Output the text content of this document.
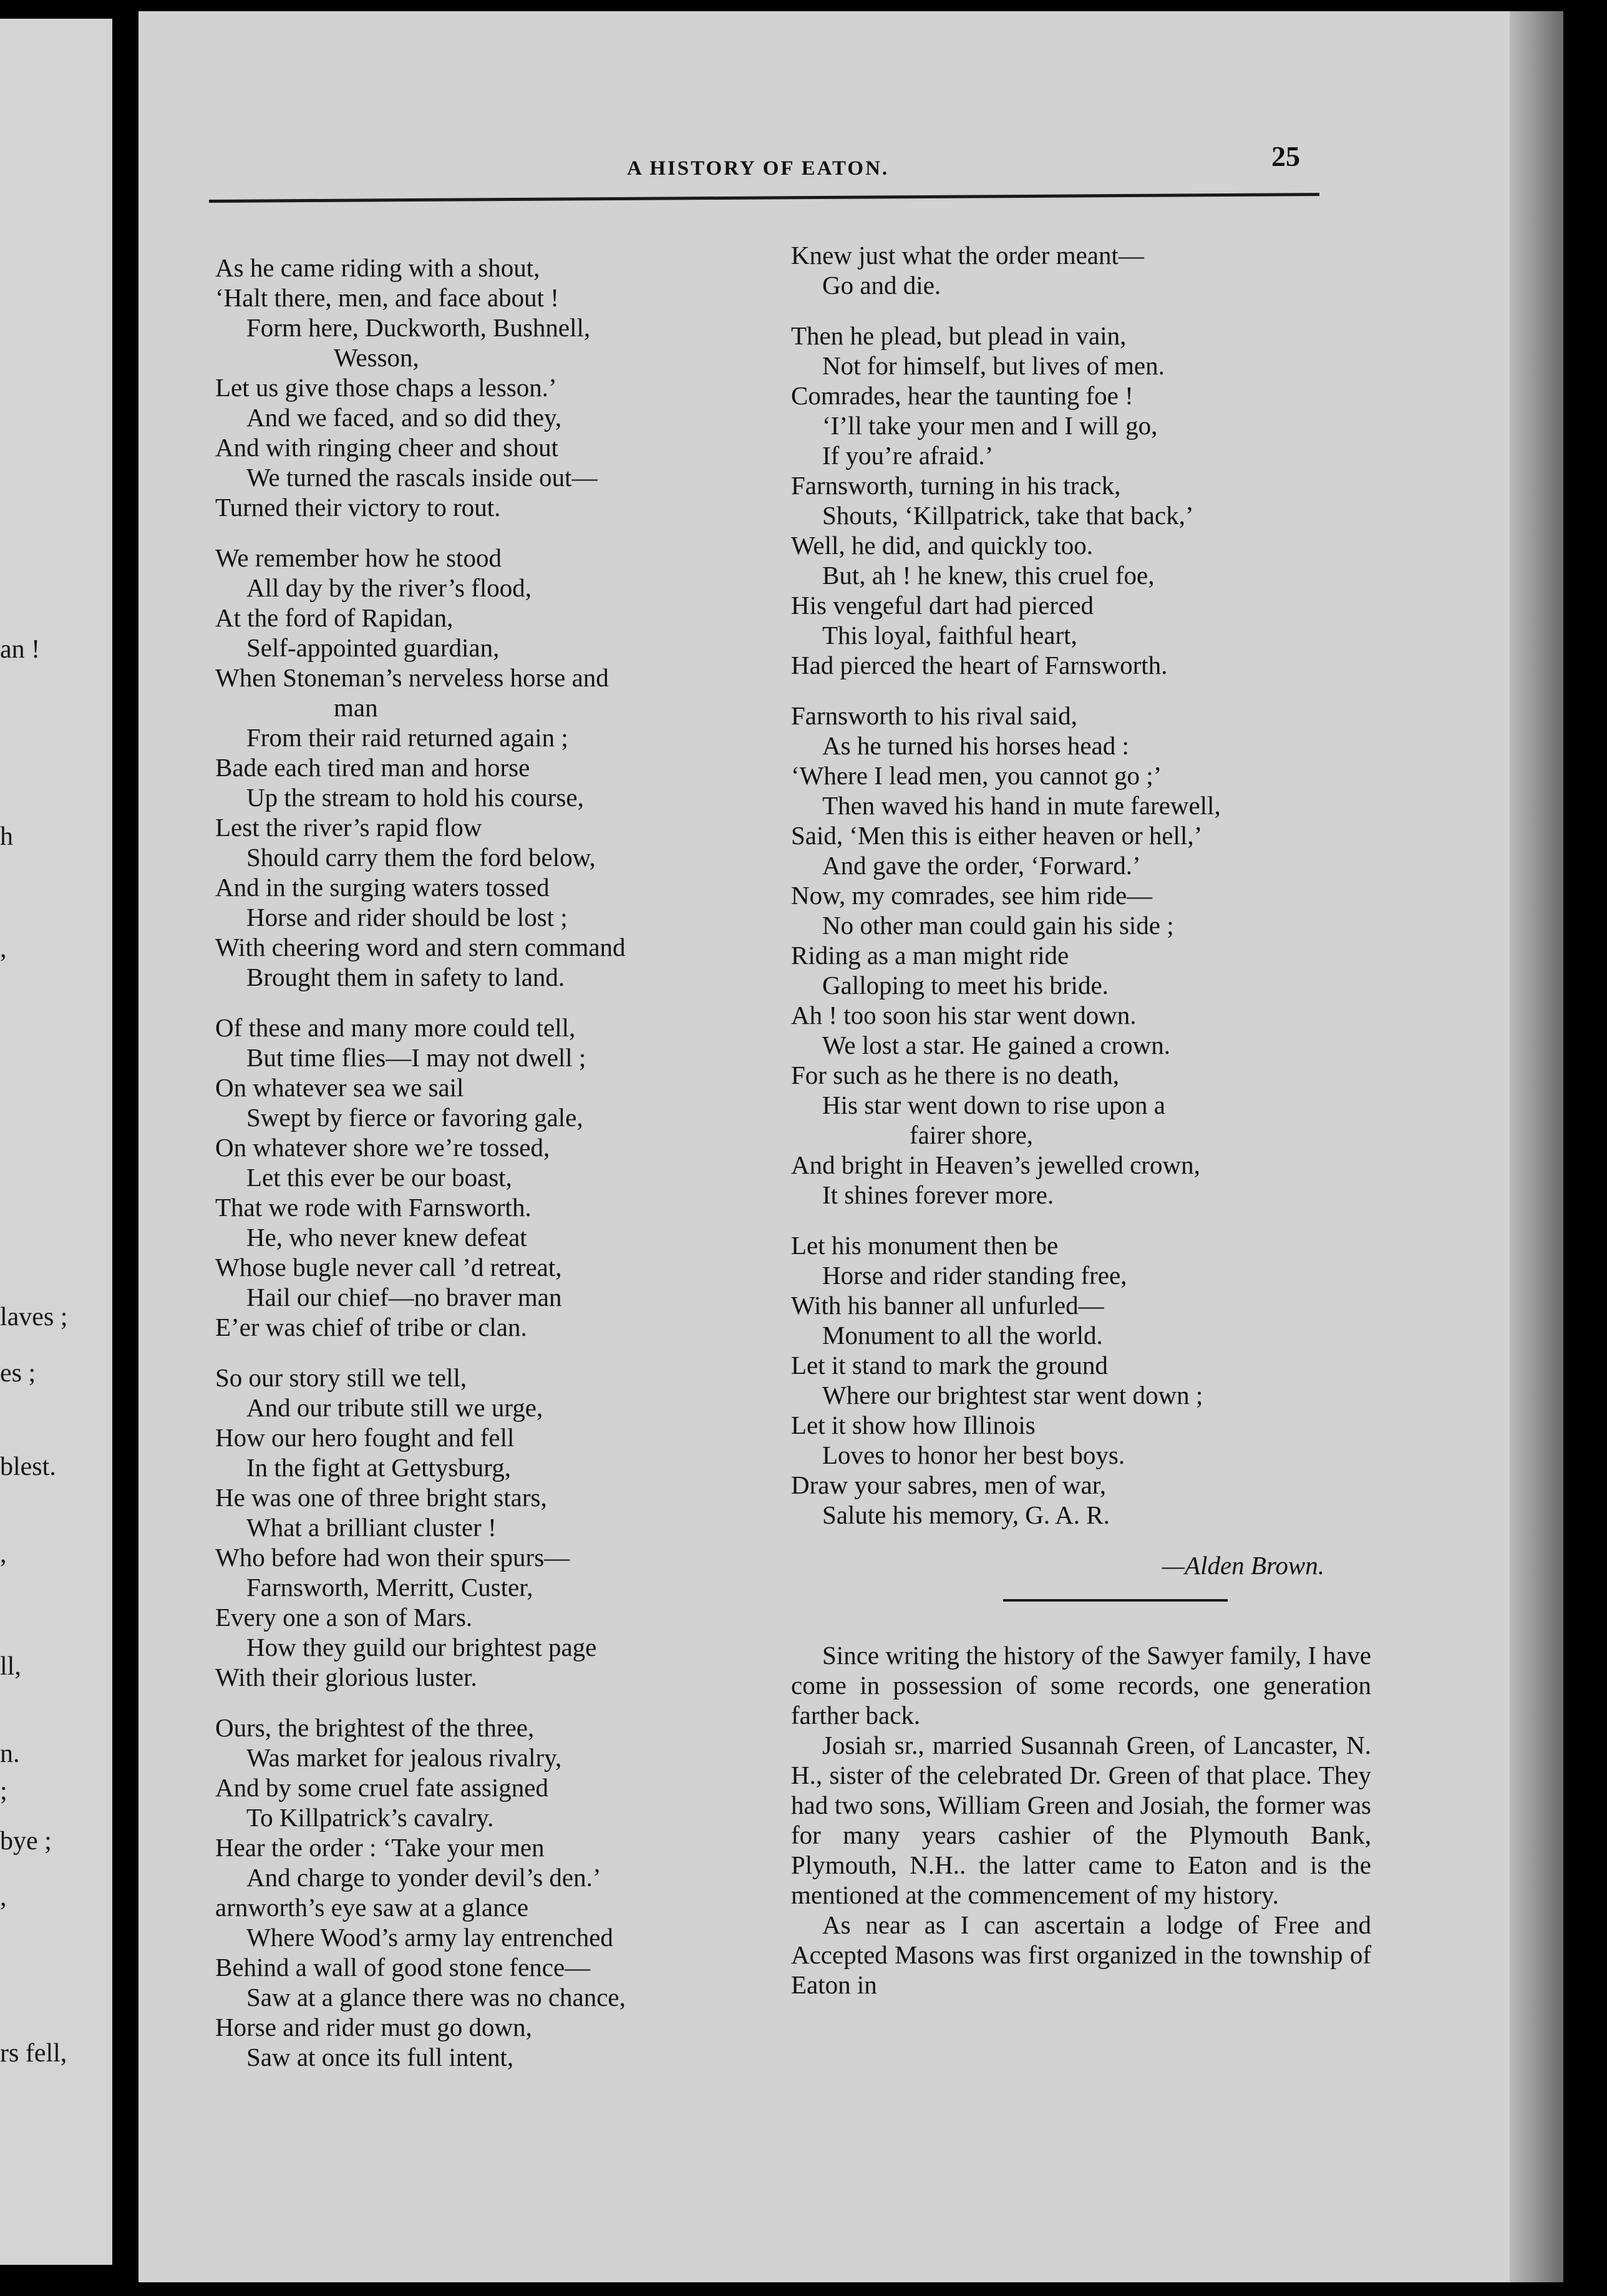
an !
h
,
laves ;
es ;
blest.
,
ll,
n.
;
bye ;
,
rs fell,
A HISTORY OF EATON.	25
As he came riding with a shout,
‘Halt there, men, and face about !
Form here, Duckworth, Bushnell,
Wesson,
Let us give those chaps a lesson.’
And we faced, and so did they,
And with ringing cheer and shout
We turned the rascals inside out—
Turned their victory to rout.
We remember how he stood
All day by the river’s flood,
At the ford of Rapidan,
Self-appointed guardian,
When Stoneman’s nerveless horse and
man
From their raid returned again ;
Bade each tired man and horse
Up the stream to hold his course,
Lest the river’s rapid flow
Should carry them the ford below,
And in the surging waters tossed
Horse and rider should be lost ;
With cheering word and stern command
Brought them in safety to land.
Of these and many more could tell,
But time flies—I may not dwell ;
On whatever sea we sail
Swept by fierce or favoring gale,
On whatever shore we’re tossed,
Let this ever be our boast,
That we rode with Farnsworth.
He, who never knew defeat
Whose bugle never call ’d retreat,
Hail our chief—no braver man
E’er was chief of tribe or clan.
So our story still we tell,
And our tribute still we urge,
How our hero fought and fell
In the fight at Gettysburg,
He was one of three bright stars,
What a brilliant cluster !
Who before had won their spurs—
Farnsworth, Merritt, Custer,
Every one a son of Mars.
How they guild our brightest page
With their glorious luster.
Ours, the brightest of the three,
Was market for jealous rivalry,
And by some cruel fate assigned
To Killpatrick’s cavalry.
Hear the order : ‘Take your men
And charge to yonder devil’s den.’
arnworth’s eye saw at a glance
Where Wood’s army lay entrenched
Behind a wall of good stone fence—
Saw at a glance there was no chance,
Horse and rider must go down,
Saw at once its full intent,
Knew just what the order meant—
Go and die.
Then he plead, but plead in vain,
Not for himself, but lives of men.
Comrades, hear the taunting foe !
‘I’ll take your men and I will go,
If you’re afraid.’
Farnsworth, turning in his track,
Shouts, ‘Killpatrick, take that back,’
Well, he did, and quickly too.
But, ah ! he knew, this cruel foe,
His vengeful dart had pierced
This loyal, faithful heart,
Had pierced the heart of Farnsworth.
Farnsworth to his rival said,
As he turned his horses head :
‘Where I lead men, you cannot go ;’
Then waved his hand in mute farewell,
Said, ‘Men this is either heaven or hell,’
And gave the order, ‘Forward.’
Now, my comrades, see him ride—
No other man could gain his side ;
Riding as a man might ride
Galloping to meet his bride.
Ah ! too soon his star went down.
We lost a star. He gained a crown.
For such as he there is no death,
His star went down to rise upon a
fairer shore,
And bright in Heaven’s jewelled crown,
It shines forever more.
Let his monument then be
Horse and rider standing free,
With his banner all unfurled—
Monument to all the world.
Let it stand to mark the ground
Where our brightest star went down ;
Let it show how Illinois
Loves to honor her best boys.
Draw your sabres, men of war,
Salute his memory, G. A. R.
—Alden Brown.

Since writing the history of the Sawyer family, I have come in possession of some records, one generation farther back.

Josiah sr., married Susannah Green, of Lancaster, N. H., sister of the celebrated Dr. Green of that place. They had two sons, William Green and Josiah, the former was for many years cashier of the Plymouth Bank, Plymouth, N.H.. the latter came to Eaton and is the mentioned at the commencement of my history.

As near as I can ascertain a lodge of Free and Accepted Masons was first organized in the township of Eaton in
